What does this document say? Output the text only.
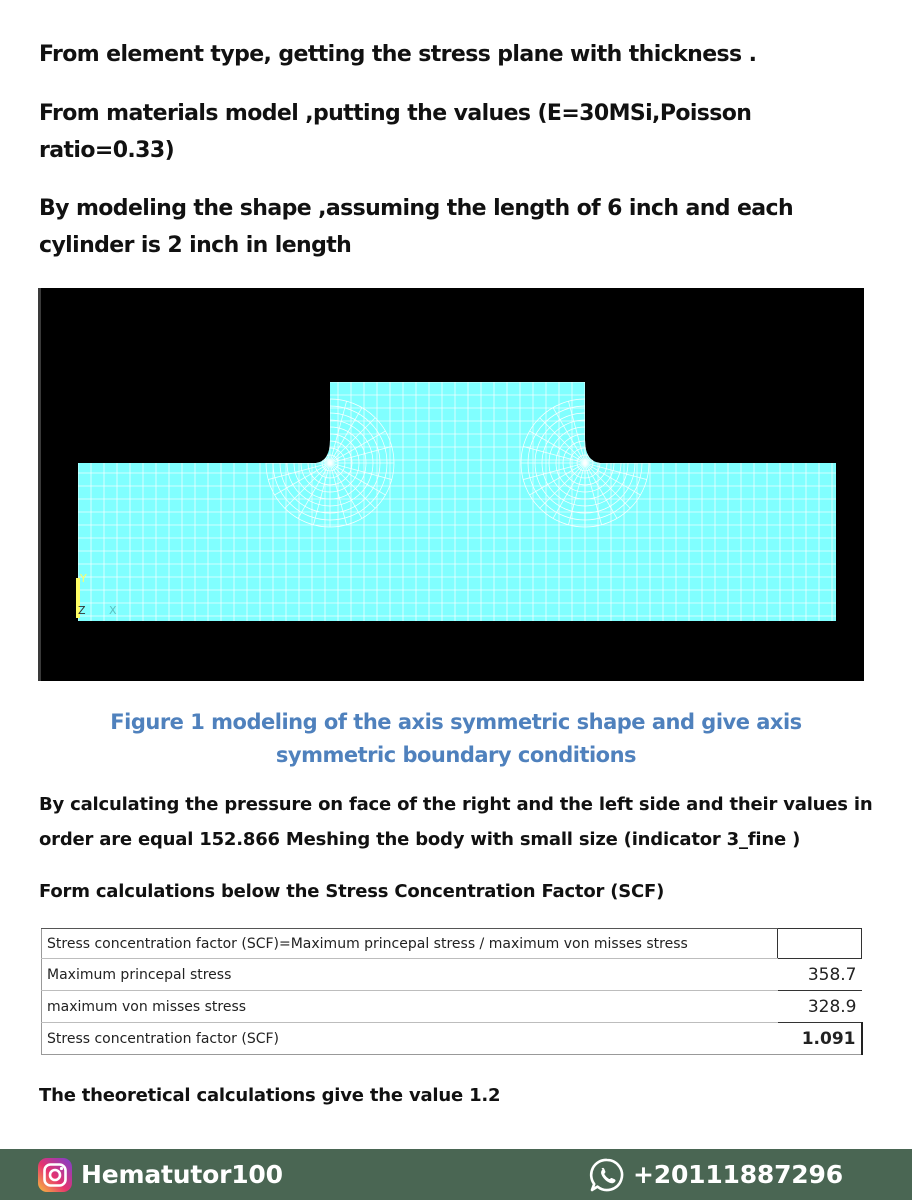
From element type, getting the stress plane with thickness .
From materials model ,putting the values (E=30MSi,Poisson ratio=0.33)
By modeling the shape ,assuming the length of 6 inch and each cylinder is 2 inch in length
Y
Z X
Figure 1 modeling of the axis symmetric shape and give axis symmetric boundary conditions
By calculating the pressure on face of the right and the left side and their values in order are equal 152.866 Meshing the body with small size (indicator 3_fine )
Form calculations below the Stress Concentration Factor (SCF)
Stress concentration factor (SCF)=Maximum princepal stress / maximum von misses stress	
Maximum princepal stress	358.7
maximum von misses stress	328.9
Stress concentration factor (SCF)	1.091
The theoretical calculations give the value 1.2
Hematutor100	+20111887296
